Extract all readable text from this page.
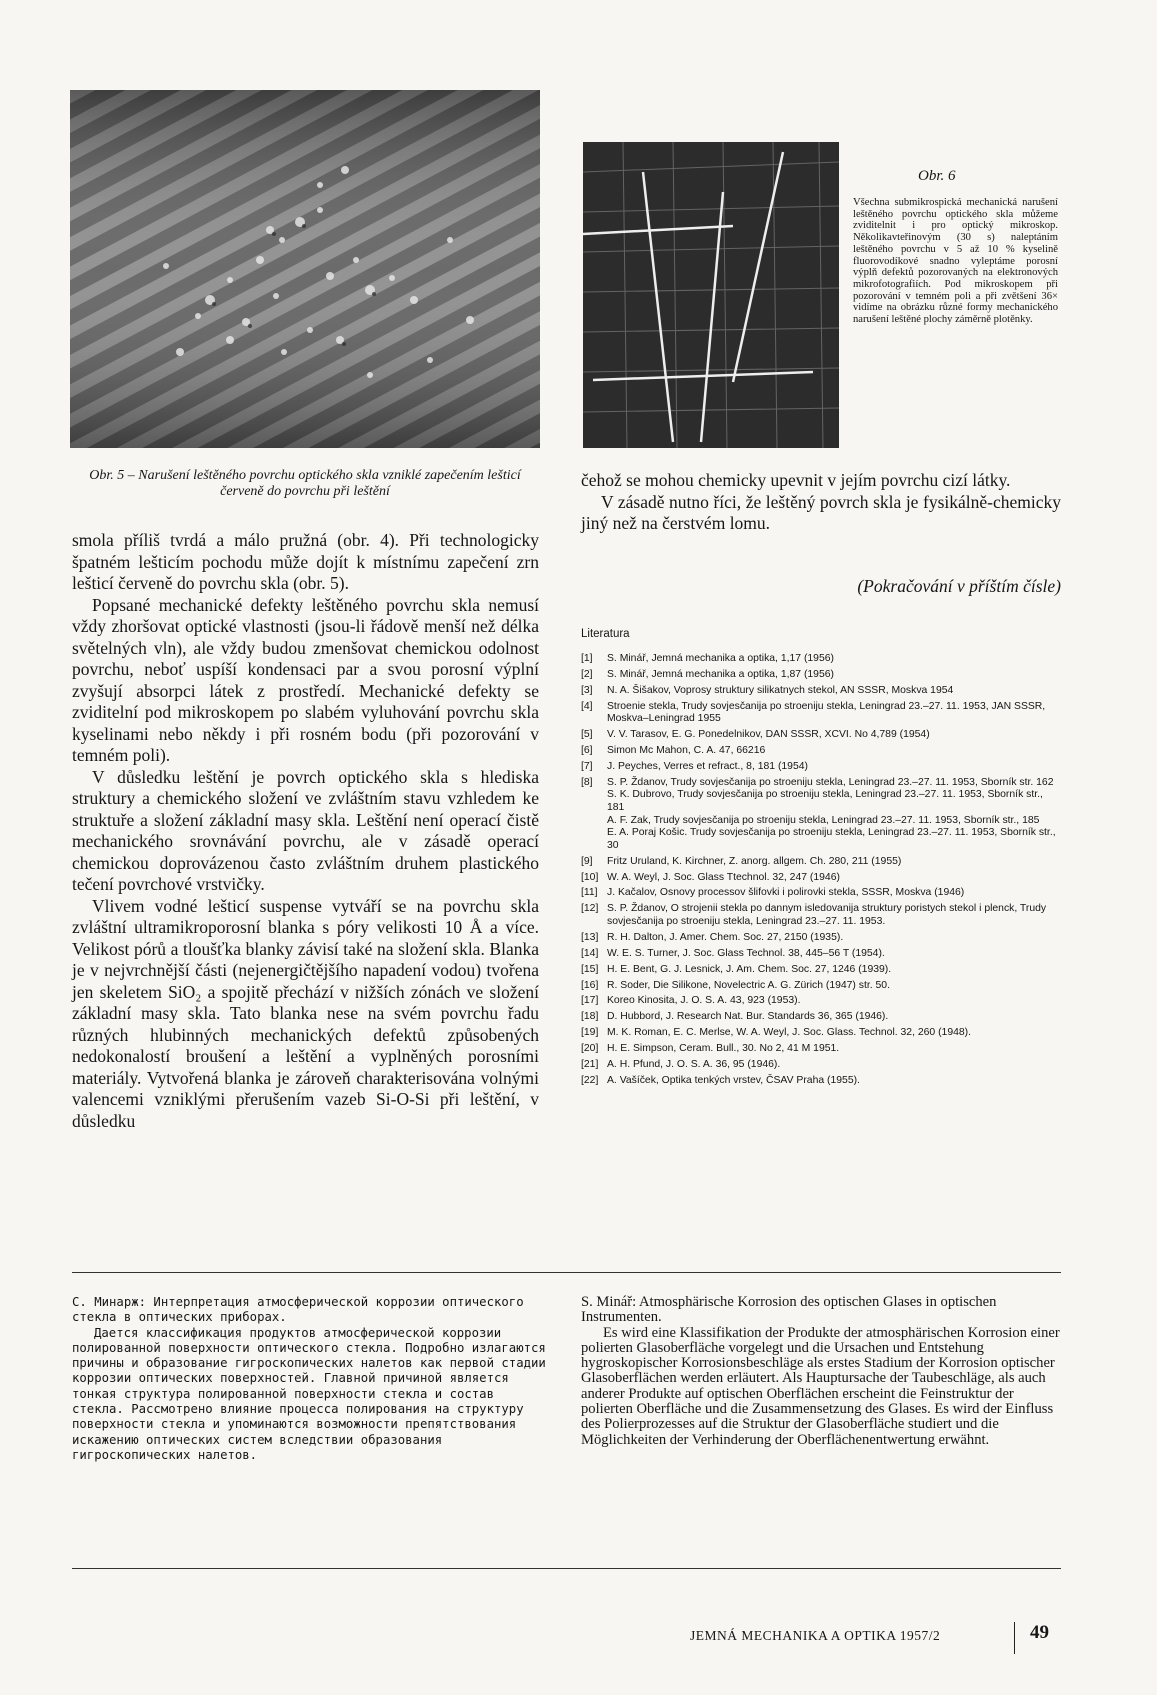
Obr. 5 – Narušení leštěného povrchu optického skla vzniklé zapečením lešticí červeně do povrchu při leštění
Obr. 6
Všechna submikrospická mechanická narušení leštěného povrchu optického skla můžeme zviditelnit i pro optický mikroskop. Několikavteřinovým (30 s) naleptáním leštěného povrchu v 5 až 10 % kyselině fluorovodíkové snadno vyleptáme porosní výplň defektů pozorovaných na elektronových mikrofotografiích. Pod mikroskopem při pozorování v temném poli a při zvětšení 36× vidíme na obrázku různé formy mechanického narušení leštěné plochy záměrně plotěnky.

smola příliš tvrdá a málo pružná (obr. 4). Při technologicky špatném lešticím pochodu může dojít k místnímu zapečení zrn lešticí červeně do povrchu skla (obr. 5).

Popsané mechanické defekty leštěného povrchu skla nemusí vždy zhoršovat optické vlastnosti (jsou-li řádově menší než délka světelných vln), ale vždy budou zmenšovat chemickou odolnost povrchu, neboť uspíší kondensaci par a svou porosní výplní zvyšují absorpci látek z prostředí. Mechanické defekty se zviditelní pod mikroskopem po slabém vyluhování povrchu skla kyselinami nebo někdy i při rosném bodu (při pozorování v temném poli).

V důsledku leštění je povrch optického skla s hlediska struktury a chemického složení ve zvláštním stavu vzhledem ke struktuře a složení základní masy skla. Leštění není operací čistě mechanického srovnávání povrchu, ale v zásadě operací chemickou doprovázenou často zvláštním druhem plastického tečení povrchové vrstvičky.

Vlivem vodné lešticí suspense vytváří se na povrchu skla zvláštní ultramikroporosní blanka s póry velikosti 10 Å a více. Velikost pórů a tloušťka blanky závisí také na složení skla. Blanka je v nejvrchnější části (nejenergičtějšího napadení vodou) tvořena jen skeletem SiO₂ a spojitě přechází v nižších zónách ve složení základní masy skla. Tato blanka nese na svém povrchu řadu různých hlubinných mechanických defektů způsobených nedokonalostí broušení a leštění a vyplněných porosními materiály. Vytvořená blanka je zároveň charakterisována volnými valencemi vzniklými přerušením vazeb Si-O-Si při leštění, v důsledku

čehož se mohou chemicky upevnit v jejím povrchu cizí látky.

V zásadě nutno říci, že leštěný povrch skla je fysikálně-chemicky jiný než na čerstvém lomu.

(Pokračování v příštím čísle)
Literatura
[1]	S. Minář, Jemná mechanika a optika, 1,17 (1956)
[2]	S. Minář, Jemná mechanika a optika, 1,87 (1956)
[3]	N. A. Šišakov, Voprosy struktury silikatnych stekol, AN SSSR, Moskva 1954
[4]	Stroenie stekla, Trudy sovjesčanija po stroeniju stekla, Leningrad 23.–27. 11. 1953, JAN SSSR, Moskva–Leningrad 1955
[5]	V. V. Tarasov, E. G. Ponedelnikov, DAN SSSR, XCVI. No 4,789 (1954)
[6]	Simon Mc Mahon, C. A. 47, 66216
[7]	J. Peyches, Verres et refract., 8, 181 (1954)
[8]	S. P. Ždanov, Trudy sovjesčanija po stroeniju stekla, Leningrad 23.–27. 11. 1953, Sborník str. 162
S. K. Dubrovo, Trudy sovjesčanija po stroeniju stekla, Leningrad 23.–27. 11. 1953, Sborník str., 181
A. F. Zak, Trudy sovjesčanija po stroeniju stekla, Leningrad 23.–27. 11. 1953, Sborník str., 185
E. A. Poraj Košic. Trudy sovjesčanija po stroeniju stekla, Leningrad 23.–27. 11. 1953, Sborník str., 30
[9]	Fritz Uruland, K. Kirchner, Z. anorg. allgem. Ch. 280, 211 (1955)
[10] W. A. Weyl, J. Soc. Glass Ttechnol. 32, 247 (1946)
[11] J. Kačalov, Osnovy processov šlifovki i polirovki stekla, SSSR, Moskva (1946)
[12] S. P. Ždanov, O strojenii stekla po dannym isledovanija struktury poristych stekol i plenck, Trudy sovjesčanija po stroeniju stekla, Leningrad 23.–27. 11. 1953.
[13] R. H. Dalton, J. Amer. Chem. Soc. 27, 2150 (1935).
[14] W. E. S. Turner, J. Soc. Glass Technol. 38, 445–56 T (1954).
[15] H. E. Bent, G. J. Lesnick, J. Am. Chem. Soc. 27, 1246 (1939).
[16] R. Soder, Die Silikone, Novelectric A. G. Zürich (1947) str. 50.
[17] Koreo Kinosita, J. O. S. A. 43, 923 (1953).
[18] D. Hubbord, J. Research Nat. Bur. Standards 36, 365 (1946).
[19] M. K. Roman, E. C. Merlse, W. A. Weyl, J. Soc. Glass. Technol. 32, 260 (1948).
[20] H. E. Simpson, Ceram. Bull., 30. No 2, 41 M 1951.
[21] A. H. Pfund, J. O. S. A. 36, 95 (1946).
[22] A. Vašíček, Optika tenkých vrstev, ČSAV Praha (1955).

С. Минарж: Интерпретация атмосферической коррозии оптического стекла в оптических приборах.

Дается классификация продуктов атмосферической коррозии полированной поверхности оптического стекла. Подробно излагаются причины и образование гигроскопических налетов как первой стадии коррозии оптических поверхностей. Главной причиной является тонкая структура полированной поверхности стекла и состав стекла. Рассмотрено влияние процесса полирования на структуру поверхности стекла и упоминаются возможности препятствования искажению оптических систем вследствии образования гигроскопических налетов.

S. Minář: Atmosphärische Korrosion des optischen Glases in optischen Instrumenten.

Es wird eine Klassifikation der Produkte der atmosphärischen Korrosion einer polierten Glasoberfläche vorgelegt und die Ursachen und Entstehung hygroskopischer Korrosionsbeschläge als erstes Stadium der Korrosion optischer Glasoberflächen werden erläutert. Als Hauptursache der Taubeschläge, als auch anderer Produkte auf optischen Oberflächen erscheint die Feinstruktur der polierten Oberfläche und die Zusammensetzung des Glases. Es wird der Einfluss des Polierprozesses auf die Struktur der Glasoberfläche studiert und die Möglichkeiten der Verhinderung der Oberflächenentwertung erwähnt.

JEMNÁ MECHANIKA A OPTIKA 1957/2	49
